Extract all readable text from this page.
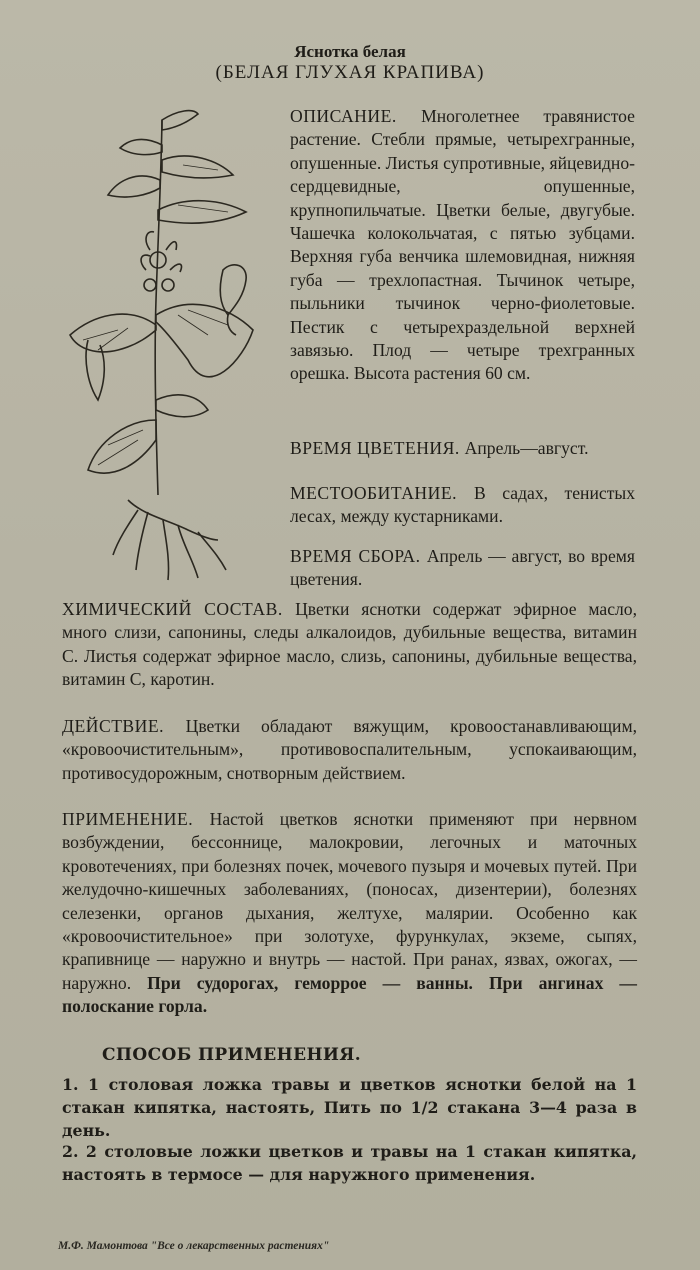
Яснотка белая
(БЕЛАЯ ГЛУХАЯ КРАПИВА)

ОПИСАНИЕ. Многолетнее травянистое растение. Стебли прямые, четырехгранные, опушенные. Листья супротивные, яйцевидно-сердцевидные, опушенные, крупнопильчатые. Цветки белые, двугубые. Чашечка колокольчатая, с пятью зубцами. Верхняя губа венчика шлемовидная, нижняя губа — трехлопастная. Тычинок четыре, пыльники тычинок черно-фиолетовые. Пестик с четырехраздельной верхней завязью. Плод — четыре трехгранных орешка. Высота растения 60 см.

ВРЕМЯ ЦВЕТЕНИЯ. Апрель—август.

МЕСТООБИТАНИЕ. В садах, тенистых лесах, между кустарниками.

ВРЕМЯ СБОРА. Апрель — август, во время цветения.

ХИМИЧЕСКИЙ СОСТАВ. Цветки яснотки содержат эфирное масло, много слизи, сапонины, следы алкалоидов, дубильные вещества, витамин С. Листья содержат эфирное масло, слизь, сапонины, дубильные вещества, витамин С, каротин.

ДЕЙСТВИЕ. Цветки обладают вяжущим, кровоостанавливающим, «кровоочистительным», противовоспалительным, успокаивающим, противосудорожным, снотворным действием.

ПРИМЕНЕНИЕ. Настой цветков яснотки применяют при нервном возбуждении, бессоннице, малокровии, легочных и маточных кровотечениях, при болезнях почек, мочевого пузыря и мочевых путей. При желудочно-кишечных заболеваниях, (поносах, дизентерии), болезнях селезенки, органов дыхания, желтухе, малярии. Особенно как «кровоочистительное» при золотухе, фурункулах, экземе, сыпях, крапивнице — наружно и внутрь — настой. При ранах, язвах, ожогах, — наружно. При судорогах, геморрое — ванны. При ангинах — полоскание горла.

СПОСОБ ПРИМЕНЕНИЯ.

1. 1 столовая ложка травы и цветков яснотки белой на 1 стакан кипятка, настоять, Пить по 1/2 стакана 3—4 раза в день.

2. 2 столовые ложки цветков и травы на 1 стакан кипятка, настоять в термосе — для наружного применения.

М.Ф. Мамонтова "Все о лекарственных растениях"
